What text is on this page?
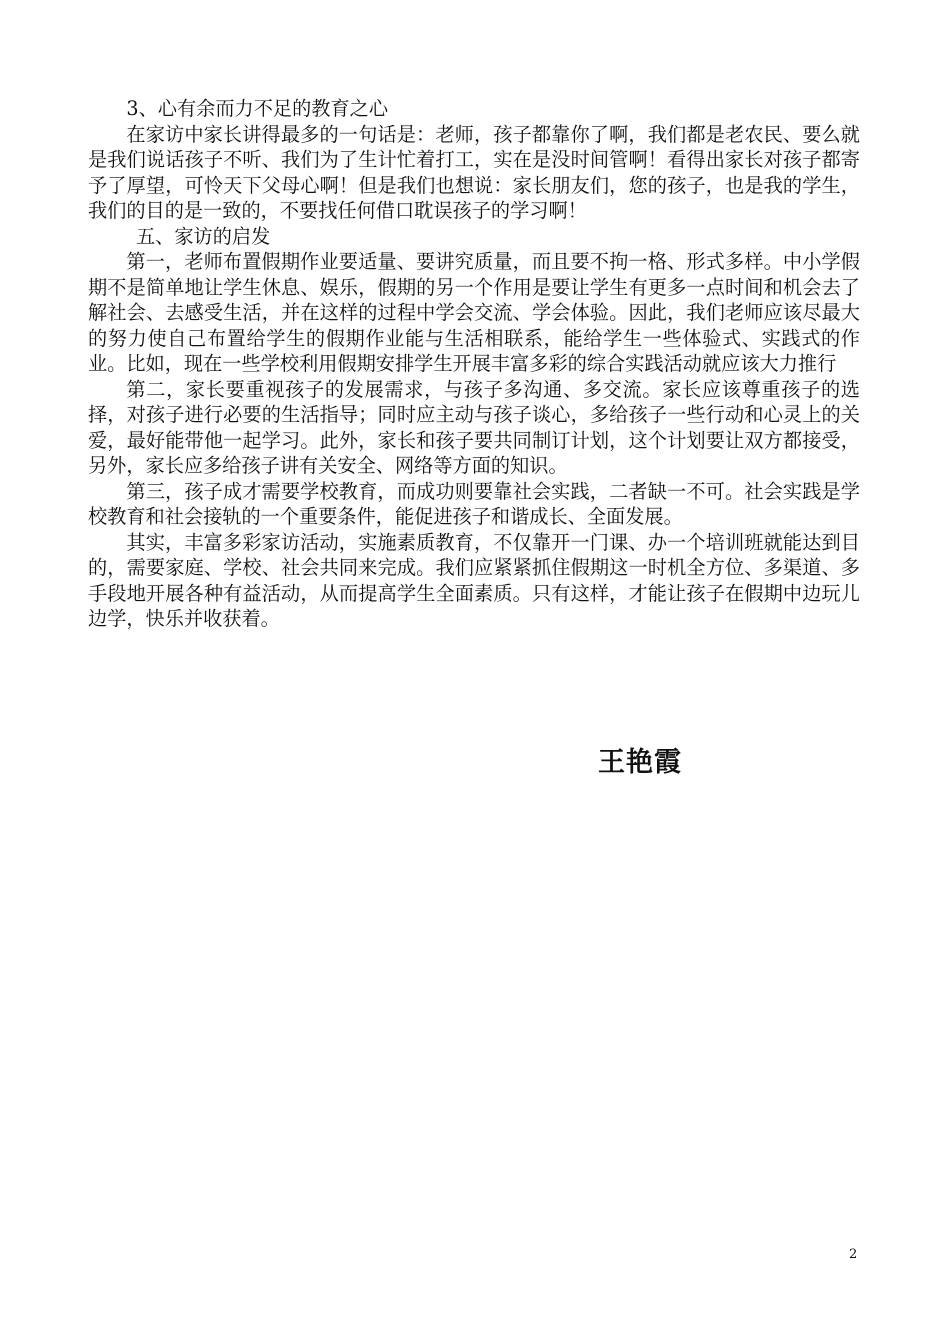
3、心有余而力不足的教育之心

在家访中家长讲得最多的一句话是：老师，孩子都靠你了啊，我们都是老农民、要么就是我们说话孩子不听、我们为了生计忙着打工，实在是没时间管啊！看得出家长对孩子都寄予了厚望，可怜天下父母心啊！但是我们也想说：家长朋友们，您的孩子，也是我的学生，我们的目的是一致的，不要找任何借口耽误孩子的学习啊！

五、家访的启发

第一，老师布置假期作业要适量、要讲究质量，而且要不拘一格、形式多样。中小学假期不是简单地让学生休息、娱乐，假期的另一个作用是要让学生有更多一点时间和机会去了解社会、去感受生活，并在这样的过程中学会交流、学会体验。因此，我们老师应该尽最大的努力使自己布置给学生的假期作业能与生活相联系，能给学生一些体验式、实践式的作业。比如，现在一些学校利用假期安排学生开展丰富多彩的综合实践活动就应该大力推行

第二，家长要重视孩子的发展需求，与孩子多沟通、多交流。家长应该尊重孩子的选择，对孩子进行必要的生活指导；同时应主动与孩子谈心，多给孩子一些行动和心灵上的关爱，最好能带他一起学习。此外，家长和孩子要共同制订计划，这个计划要让双方都接受，另外，家长应多给孩子讲有关安全、网络等方面的知识。

第三，孩子成才需要学校教育，而成功则要靠社会实践，二者缺一不可。社会实践是学校教育和社会接轨的一个重要条件，能促进孩子和谐成长、全面发展。

其实，丰富多彩家访活动，实施素质教育，不仅靠开一门课、办一个培训班就能达到目的，需要家庭、学校、社会共同来完成。我们应紧紧抓住假期这一时机全方位、多渠道、多手段地开展各种有益活动，从而提高学生全面素质。只有这样，才能让孩子在假期中边玩儿边学，快乐并收获着。

王艳霞
2
